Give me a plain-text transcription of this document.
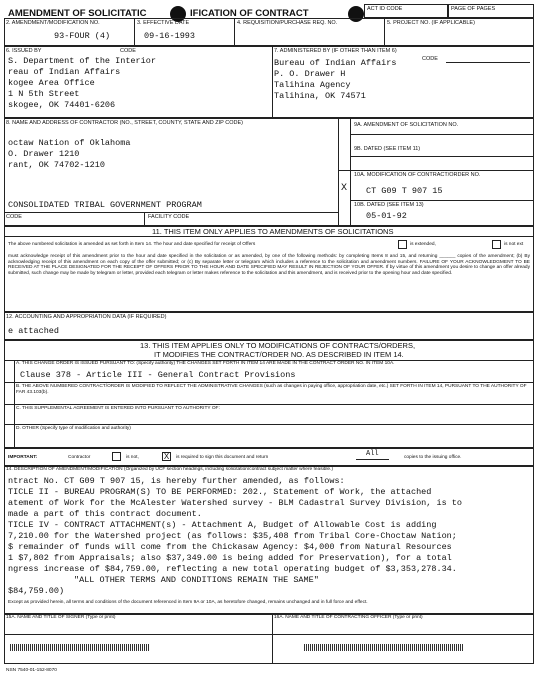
AMENDMENT OF SOLICITATIC	IFICATION OF CONTRACT	ACT ID CODE	PAGE OF PAGES
2. AMENDMENT/MODIFICATION NO.
93-FOUR (4)
3. EFFECTIVE DATE
09-16-1993
4. REQUISITION/PURCHASE REQ. NO.	5. PROJECT NO. (IF APPLICABLE)
6. ISSUED BY	CODE
S. Department of the Interior
reau of Indian Affairs
kogee Area Office
1 N 5th Street
skogee, OK 74401-6206
7. ADMINISTERED BY (IF OTHER THAN ITEM 6)
CODE
Bureau of Indian Affairs
P. O. Drawer H
Talihina Agency
Talihina, OK 74571
8. NAME AND ADDRESS OF CONTRACTOR (NO., STREET, COUNTY, STATE AND ZIP CODE)
octaw Nation of Oklahoma
O. Drawer 1210
rant, OK 74702-1210
CONSOLIDATED TRIBAL GOVERNMENT PROGRAM
CODE	FACILITY CODE
9A. AMENDMENT OF SOLICITATION NO.
9B. DATED (SEE ITEM 11)
X
10A. MODIFICATION OF CONTRACT/ORDER NO.
CT G09 T 907 15
10B. DATED (SEE ITEM 13)
05-01-92
11. THIS ITEM ONLY APPLIES TO AMENDMENTS OF SOLICITATIONS
The above numbered solicitation is amended as set forth in Item 14. The hour and date specified for receipt of Offers	is extended,	is not ext
must acknowledge receipt of this amendment prior to the hour and date specified in the solicitation or as amended, by one of the following methods: by completing Items 8 and 15, and returning ______ copies of the amendment; (b) By acknowledging receipt of this amendment on each copy of the offer submitted; or (c) By separate letter or telegram which includes a reference to the solicitation and amendment numbers. FAILURE OF YOUR ACKNOWLEDGMENT TO BE RECEIVED AT THE PLACE DESIGNATED FOR THE RECEIPT OF OFFERS PRIOR TO THE HOUR AND DATE SPECIFIED MAY RESULT IN REJECTION OF YOUR OFFER. If by virtue of this amendment you desire to change an offer already submitted, such change may be made by telegram or letter, provided each telegram or letter makes reference to the solicitation and this amendment, and is received prior to the opening hour and date specified.
12. ACCOUNTING AND APPROPRIATION DATA (IF REQUIRED)
e attached
13. THIS ITEM APPLIES ONLY TO MODIFICATIONS OF CONTRACTS/ORDERS,
IT MODIFIES THE CONTRACT/ORDER NO. AS DESCRIBED IN ITEM 14.
A. THIS CHANGE ORDER IS ISSUED PURSUANT TO: (Specify authority) THE CHANGES SET FORTH IN ITEM 14 ARE MADE IN THE CONTRACT ORDER NO. IN ITEM 10A.
Clause 378 - Article III - General Contract Provisions
B. THE ABOVE NUMBERED CONTRACT/ORDER IS MODIFIED TO REFLECT THE ADMINISTRATIVE CHANGES (such as changes in paying office, appropriation date, etc.) SET FORTH IN ITEM 14, PURSUANT TO THE AUTHORITY OF FAR 43.103(b).
C. THIS SUPPLEMENTAL AGREEMENT IS ENTERED INTO PURSUANT TO AUTHORITY OF:
D. OTHER (Specify type of modification and authority)
IMPORTANT:	Contractor	is not,	X	is required to sign this document and return	All	copies to the issuing office.
14. DESCRIPTION OF AMENDMENT/MODIFICATION (Organized by UCF section headings, including solicitation/contract subject matter where feasible.)
ntract No. CT G09 T 907 15, is hereby further amended, as follows:
TICLE II - BUREAU PROGRAM(S) TO BE PERFORMED: 202., Statement of Work, the attached
atement of Work for the McAlester Watershed survey - BLM Cadastral Survey Division, is to
made a part of this contract document.
TICLE IV - CONTRACT ATTACHMENT(s) - Attachment A, Budget of Allowable Cost is adding
7,210.00 for the Watershed project (as follows: $35,408 from Tribal Core-Choctaw Nation;
$ remainder of funds will come from the Chickasaw Agency: $4,000 from Natural Resources
1 $7,802 from Appraisals; also $37,349.00 is being added for Preservation), for a total
ngress increase of $84,759.00, reflecting a new total operating budget of $3,353,278.34.
$84,759.00)
"ALL OTHER TERMS AND CONDITIONS REMAIN THE SAME"
Except as provided herein, all terms and conditions of the document referenced in Item 9A or 10A, as heretofore changed, remains unchanged and in full force and effect.
15A. NAME AND TITLE OF SIGNER (Type or print)	16A. NAME AND TITLE OF CONTRACTING OFFICER (Type or print)
NSN 7540-01-152-8070
